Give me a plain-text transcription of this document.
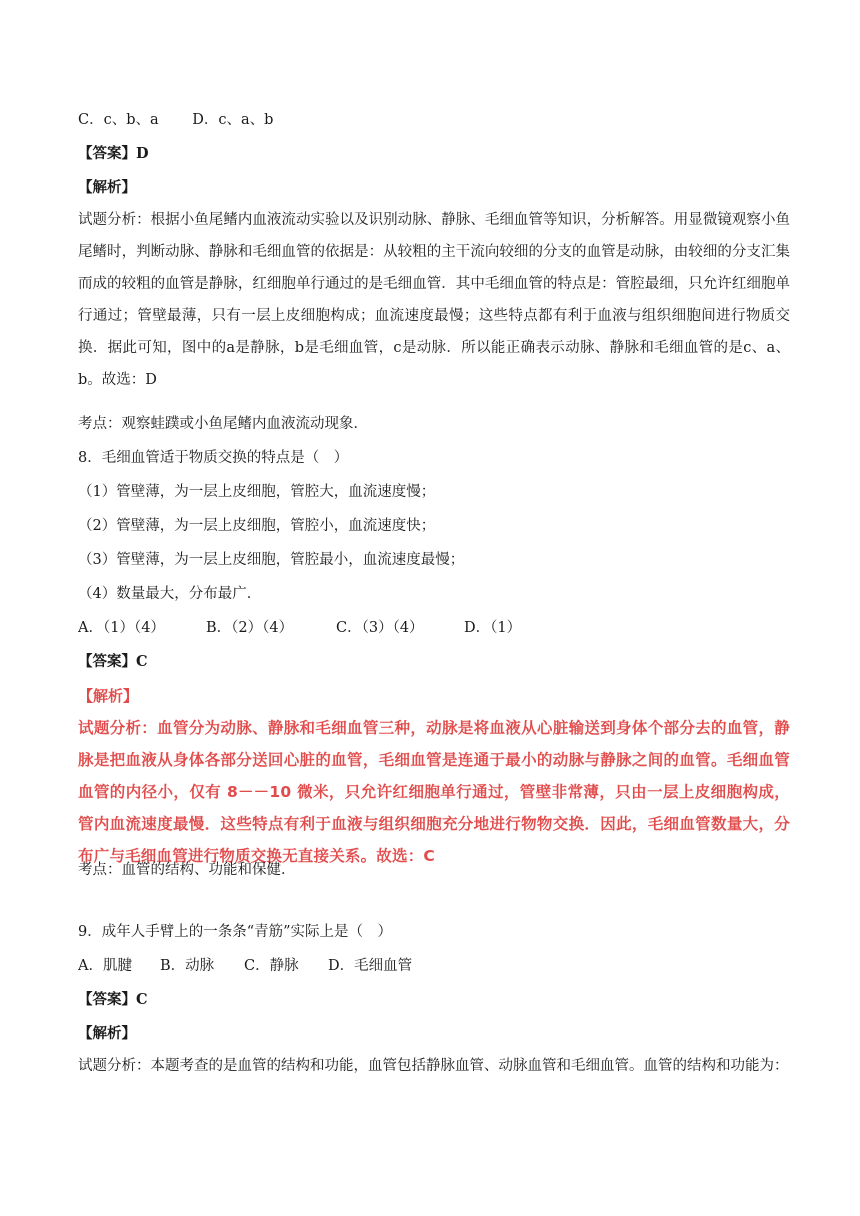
C．c、b、a　　 D．c、a、b
【答案】D
【解析】
试题分析：根据小鱼尾鳍内血液流动实验以及识别动脉、静脉、毛细血管等知识，分析解答。用显微镜观察小鱼尾鳍时，判断动脉、静脉和毛细血管的依据是：从较粗的主干流向较细的分支的血管是动脉，由较细的分支汇集而成的较粗的血管是静脉，红细胞单行通过的是毛细血管．其中毛细血管的特点是：管腔最细，只允许红细胞单行通过；管壁最薄，只有一层上皮细胞构成；血流速度最慢；这些特点都有利于血液与组织细胞间进行物质交换．据此可知，图中的a是静脉，b是毛细血管，c是动脉．所以能正确表示动脉、静脉和毛细血管的是c、a、b。故选：D
考点：观察蛙蹼或小鱼尾鳍内血液流动现象．
8．毛细血管适于物质交换的特点是（　）
（1）管壁薄，为一层上皮细胞，管腔大，血流速度慢；
（2）管壁薄，为一层上皮细胞，管腔小，血流速度快；
（3）管壁薄，为一层上皮细胞，管腔最小，血流速度最慢；
（4）数量最大，分布最广．
A．（1）（4）	B．（2）（4）	C．（3）（4）	D．（1）
【答案】C
【解析】
试题分析：血管分为动脉、静脉和毛细血管三种，动脉是将血液从心脏输送到身体个部分去的血管，静脉是把血液从身体各部分送回心脏的血管，毛细血管是连通于最小的动脉与静脉之间的血管。毛细血管血管的内径小，仅有 8－－10 微米，只允许红细胞单行通过，管壁非常薄，只由一层上皮细胞构成，管内血流速度最慢．这些特点有利于血液与组织细胞充分地进行物物交换．因此，毛细血管数量大，分布广与毛细血管进行物质交换无直接关系。故选：C
考点：血管的结构、功能和保健．
9．成年人手臂上的一条条“青筋”实际上是（　）
A．肌腱 B．动脉 C．静脉 D．毛细血管
【答案】C
【解析】
试题分析：本题考查的是血管的结构和功能，血管包括静脉血管、动脉血管和毛细血管。血管的结构和功能为：
